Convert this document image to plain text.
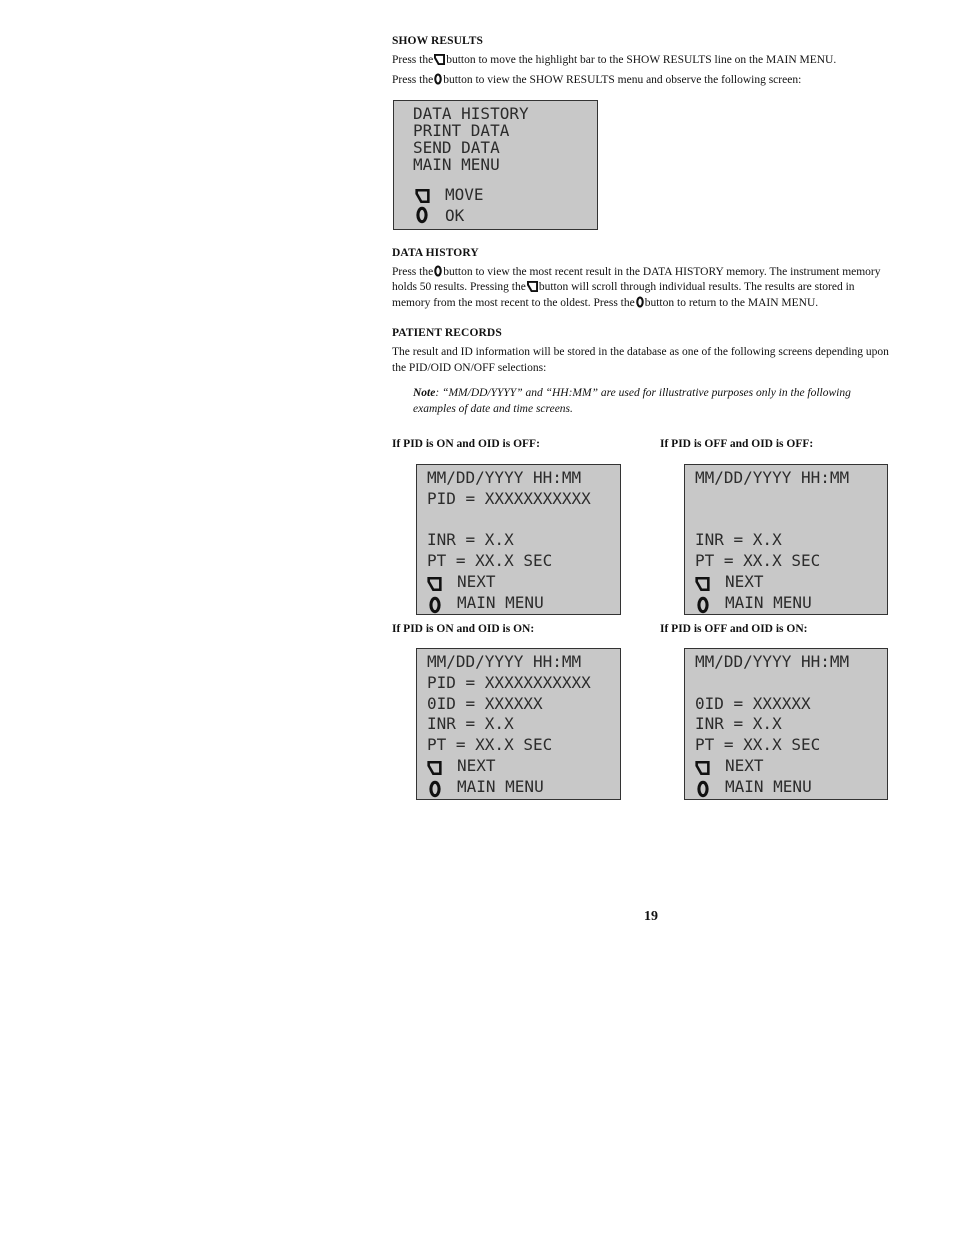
SHOW RESULTS
Press the button to move the highlight bar to the SHOW RESULTS line on the MAIN MENU.
Press the button to view the SHOW RESULTS menu and observe the following screen:
DATA HISTORY
PRINT DATA
SEND DATA
MAIN MENU
MOVE
OK
DATA HISTORY
Press the button to view the most recent result in the DATA HISTORY memory. The instrument memory
holds 50 results. Pressing the button will scroll through individual results. The results are stored in
memory from the most recent to the oldest. Press the button to return to the MAIN MENU.
PATIENT RECORDS
The result and ID information will be stored in the database as one of the following screens depending upon
the PID/OID ON/OFF selections:
Note: “MM/DD/YYYY” and “HH:MM” are used for illustrative purposes only in the following
examples of date and time screens.
If PID is ON and OID is OFF:	If PID is OFF and OID is OFF:
If PID is ON and OID is ON:	If PID is OFF and OID is ON:
MM/DD/YYYY HH:MM
PID = XXXXXXXXXXX
INR = X.X
PT = XX.X SEC
NEXT
MAIN MENU
MM/DD/YYYY HH:MM
INR = X.X
PT = XX.X SEC
NEXT
MAIN MENU
MM/DD/YYYY HH:MM
PID = XXXXXXXXXXX
0ID = XXXXXX
INR = X.X
PT = XX.X SEC
NEXT
MAIN MENU
MM/DD/YYYY HH:MM
0ID = XXXXXX
INR = X.X
PT = XX.X SEC
NEXT
MAIN MENU
19
